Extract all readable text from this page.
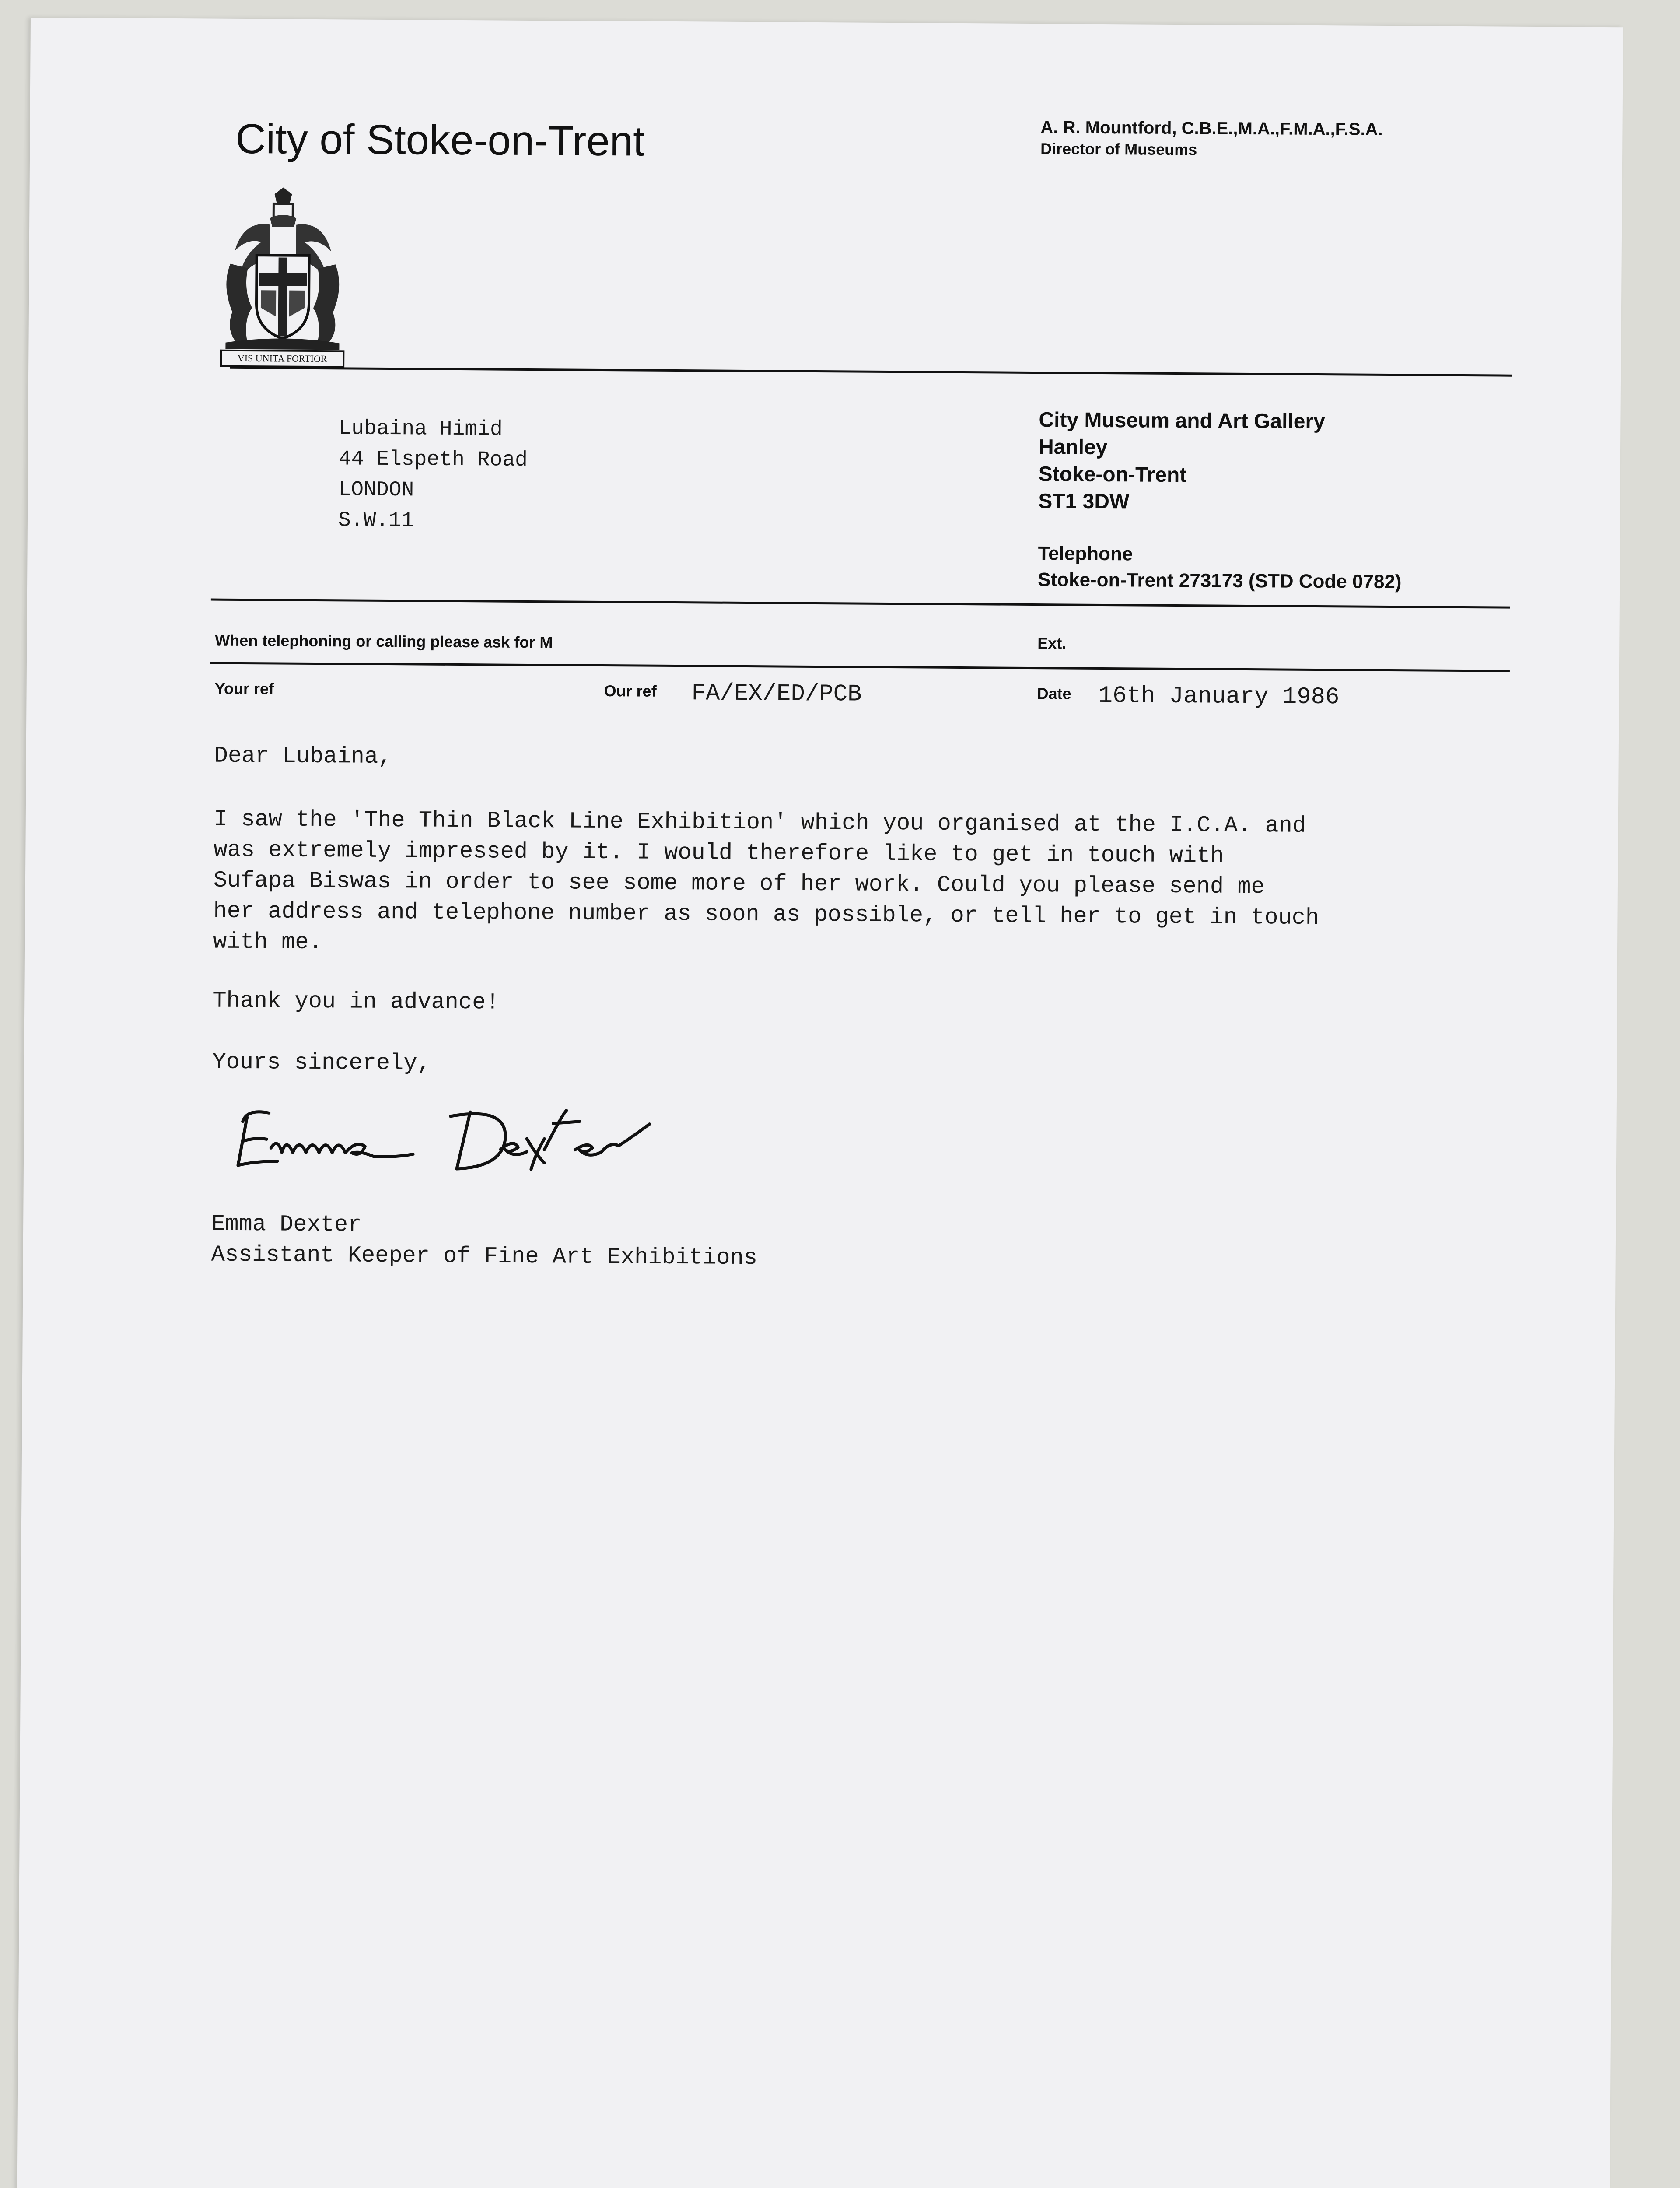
City of Stoke-on-Trent	A. R. Mountford, C.B.E.,M.A.,F.M.A.,F.S.A.
Director of Museums
VIS UNITA FORTIOR
Lubaina Himid
44 Elspeth Road
LONDON
S.W.11
City Museum and Art Gallery
Hanley
Stoke-on-Trent
ST1 3DW
Telephone
Stoke-on-Trent 273173 (STD Code 0782)
When telephoning or calling please ask for M	Ext.
Your ref	Our ref FA/EX/ED/PCB	Date 16th January 1986
Dear Lubaina,
I saw the 'The Thin Black Line Exhibition' which you organised at the I.C.A. and
was extremely impressed by it. I would therefore like to get in touch with
Sufapa Biswas in order to see some more of her work. Could you please send me
her address and telephone number as soon as possible, or tell her to get in touch
with me.
Thank you in advance!
Yours sincerely,
Emma Dexter
Assistant Keeper of Fine Art Exhibitions
